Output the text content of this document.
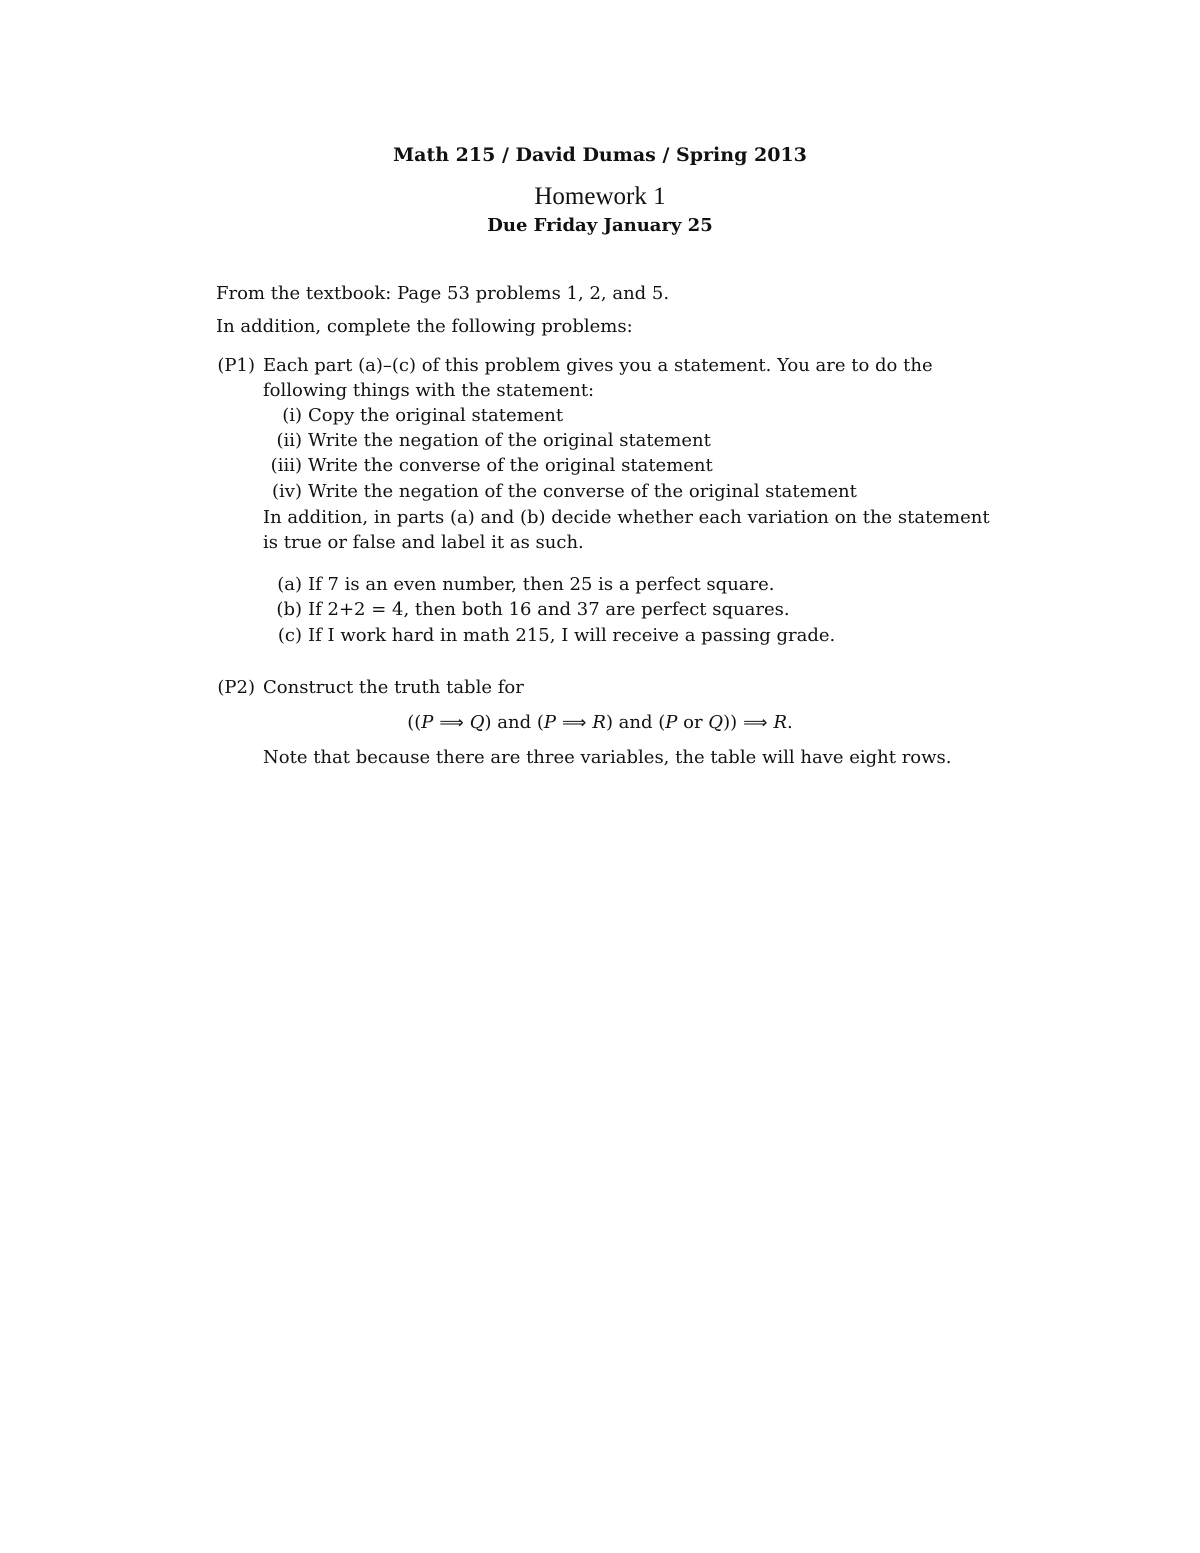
Math 215 / David Dumas / Spring 2013
Homework 1
Due Friday January 25
From the textbook: Page 53 problems 1, 2, and 5.
In addition, complete the following problems:
(P1) Each part (a)–(c) of this problem gives you a statement. You are to do the
following things with the statement:
(i) Copy the original statement
(ii) Write the negation of the original statement
(iii) Write the converse of the original statement
(iv) Write the negation of the converse of the original statement
In addition, in parts (a) and (b) decide whether each variation on the statement
is true or false and label it as such.
(a) If 7 is an even number, then 25 is a perfect square.
(b) If 2+2 = 4, then both 16 and 37 are perfect squares.
(c) If I work hard in math 215, I will receive a passing grade.
(P2) Construct the truth table for
((P ⟹ Q) and (P ⟹ R) and (P or Q)) ⟹ R.
Note that because there are three variables, the table will have eight rows.
